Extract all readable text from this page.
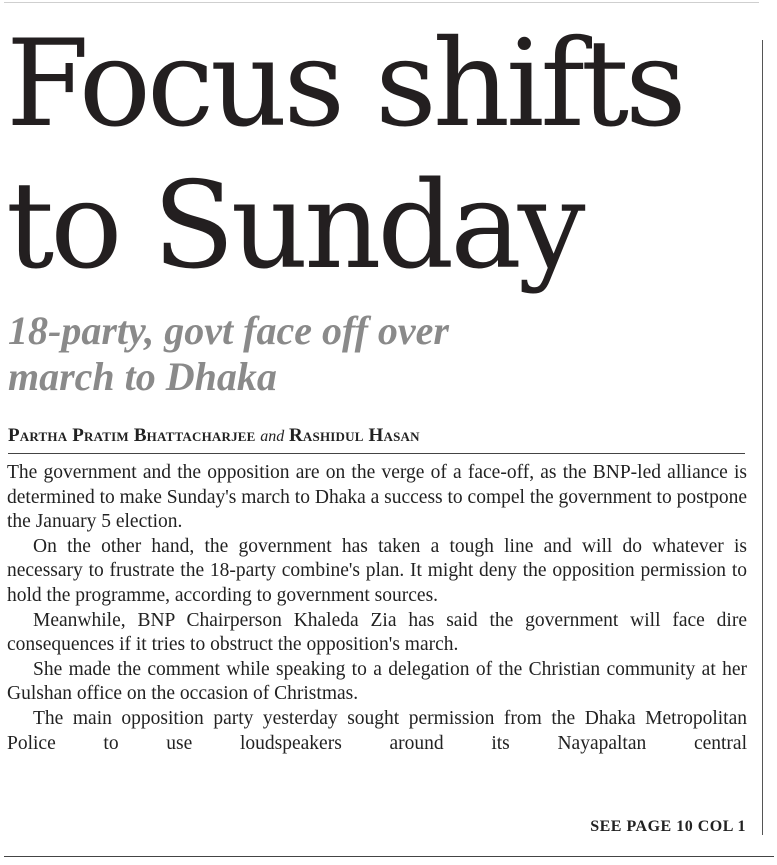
Focus shifts
to Sunday
18-party, govt face off over
march to Dhaka
Partha Pratim Bhattacharjee and Rashidul Hasan

The government and the opposition are on the verge of a face-off, as the BNP-led alliance is determined to make Sunday's march to Dhaka a success to compel the government to postpone the January 5 election.

On the other hand, the government has taken a tough line and will do whatever is necessary to frustrate the 18-party combine's plan. It might deny the opposition permission to hold the programme, according to government sources.

Meanwhile, BNP Chairperson Khaleda Zia has said the government will face dire consequences if it tries to obstruct the opposition's march.

She made the comment while speaking to a delegation of the Christian community at her Gulshan office on the occasion of Christmas.

The main opposition party yesterday sought permission from the Dhaka Metropolitan Police to use loudspeakers around its Nayapaltan central

SEE PAGE 10 COL 1
